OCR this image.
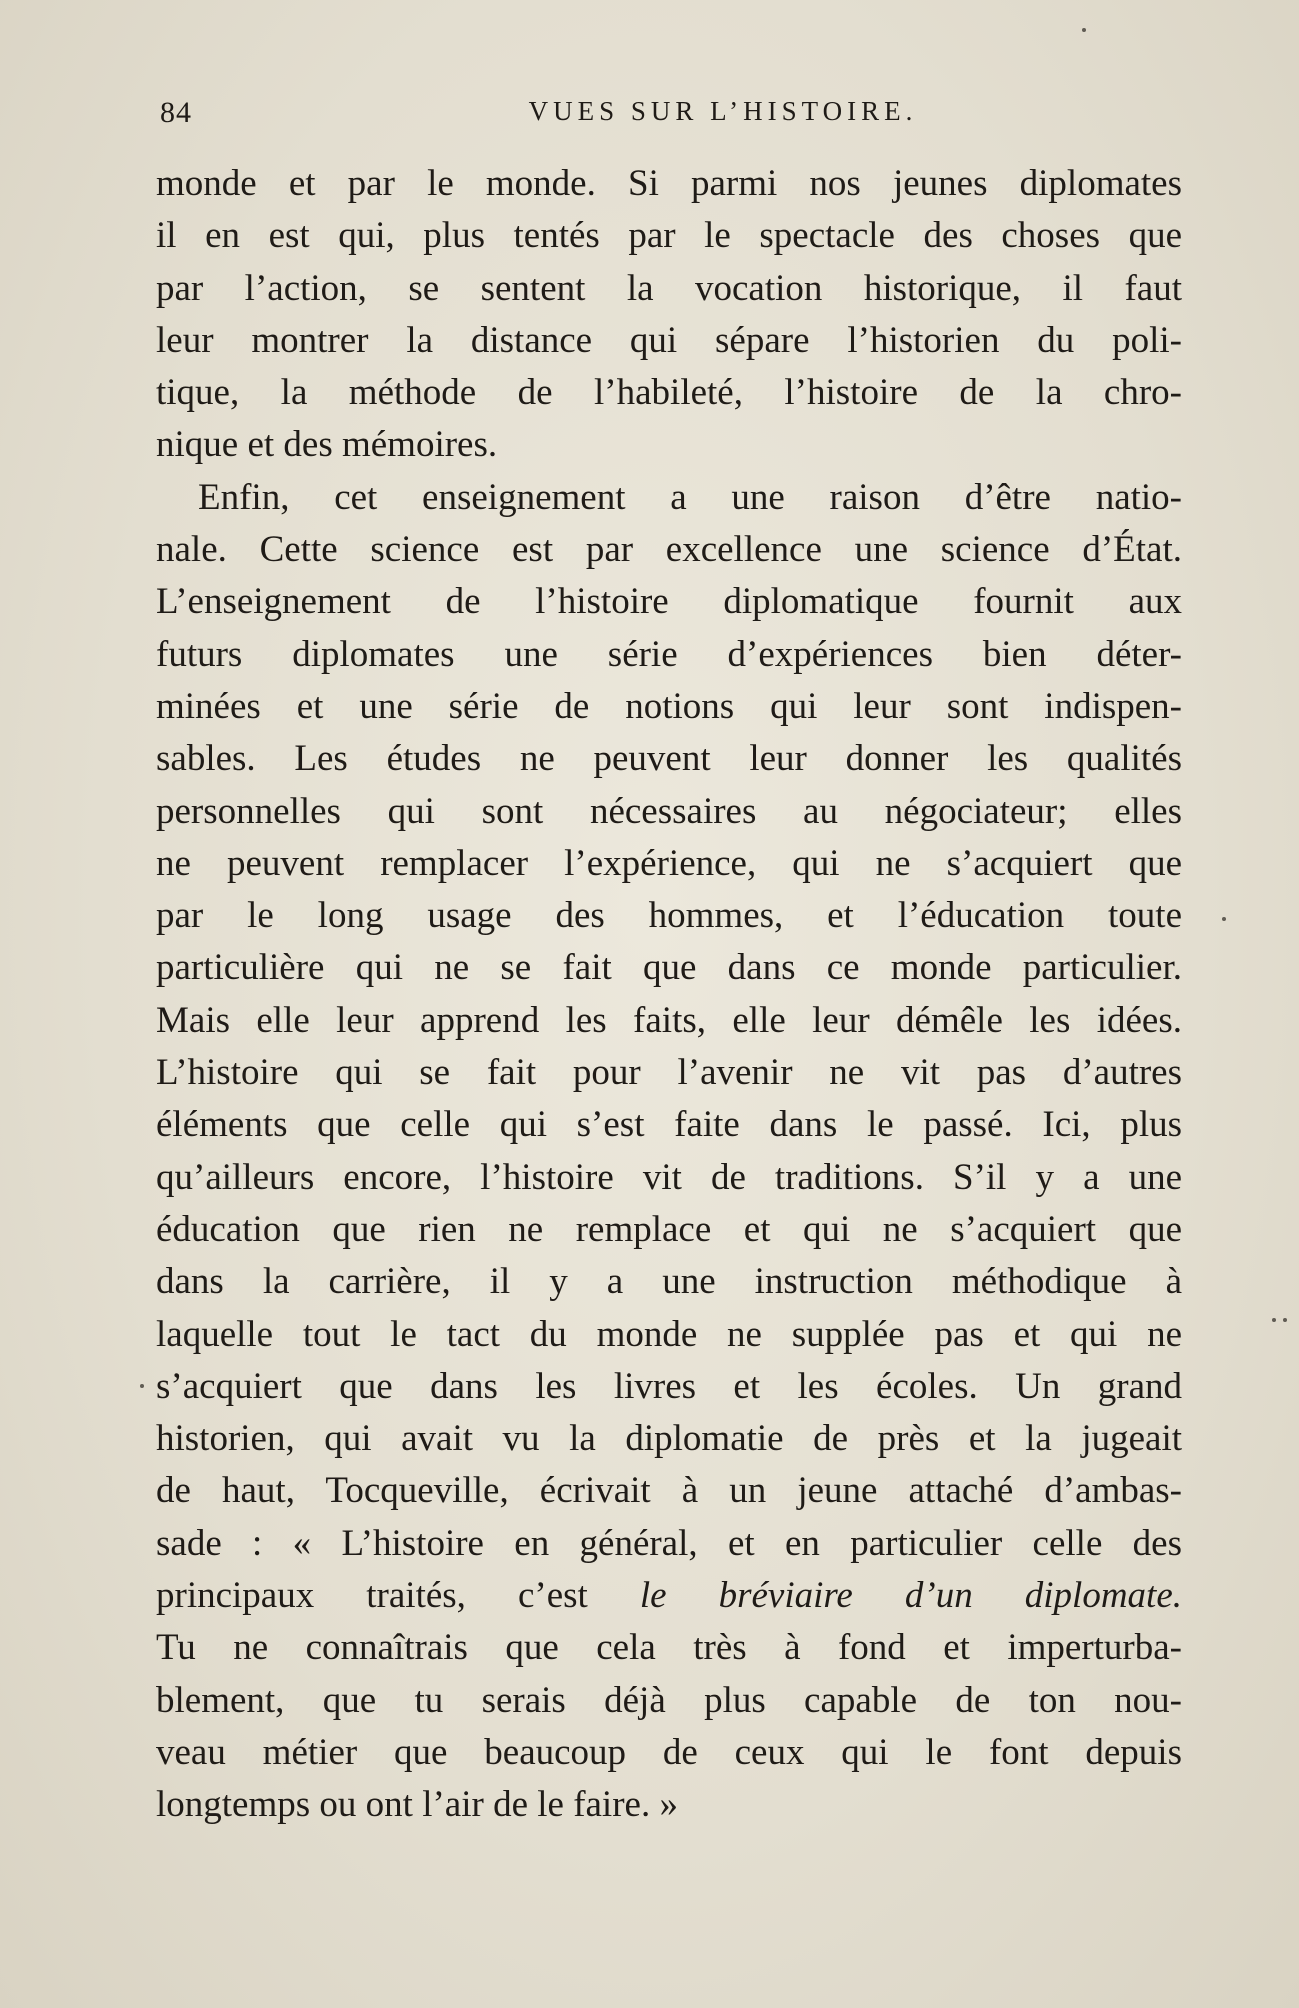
84	VUES SUR L’HISTOIRE.
monde et par le monde. Si parmi nos jeunes diplomates
il en est qui, plus tentés par le spectacle des choses que
par l’action, se sentent la vocation historique, il faut
leur montrer la distance qui sépare l’historien du poli-
tique, la méthode de l’habileté, l’histoire de la chro-
nique et des mémoires.
Enfin, cet enseignement a une raison d’être natio-
nale. Cette science est par excellence une science d’État.
L’enseignement de l’histoire diplomatique fournit aux
futurs diplomates une série d’expériences bien déter-
minées et une série de notions qui leur sont indispen-
sables. Les études ne peuvent leur donner les qualités
personnelles qui sont nécessaires au négociateur; elles
ne peuvent remplacer l’expérience, qui ne s’acquiert que
par le long usage des hommes, et l’éducation toute
particulière qui ne se fait que dans ce monde particulier.
Mais elle leur apprend les faits, elle leur démêle les idées.
L’histoire qui se fait pour l’avenir ne vit pas d’autres
éléments que celle qui s’est faite dans le passé. Ici, plus
qu’ailleurs encore, l’histoire vit de traditions. S’il y a une
éducation que rien ne remplace et qui ne s’acquiert que
dans la carrière, il y a une instruction méthodique à
laquelle tout le tact du monde ne supplée pas et qui ne
s’acquiert que dans les livres et les écoles. Un grand
historien, qui avait vu la diplomatie de près et la jugeait
de haut, Tocqueville, écrivait à un jeune attaché d’ambas-
sade : « L’histoire en général, et en particulier celle des
principaux traités, c’est le bréviaire d’un diplomate.
Tu ne connaîtrais que cela très à fond et imperturba-
blement, que tu serais déjà plus capable de ton nou-
veau métier que beaucoup de ceux qui le font depuis
longtemps ou ont l’air de le faire. »
